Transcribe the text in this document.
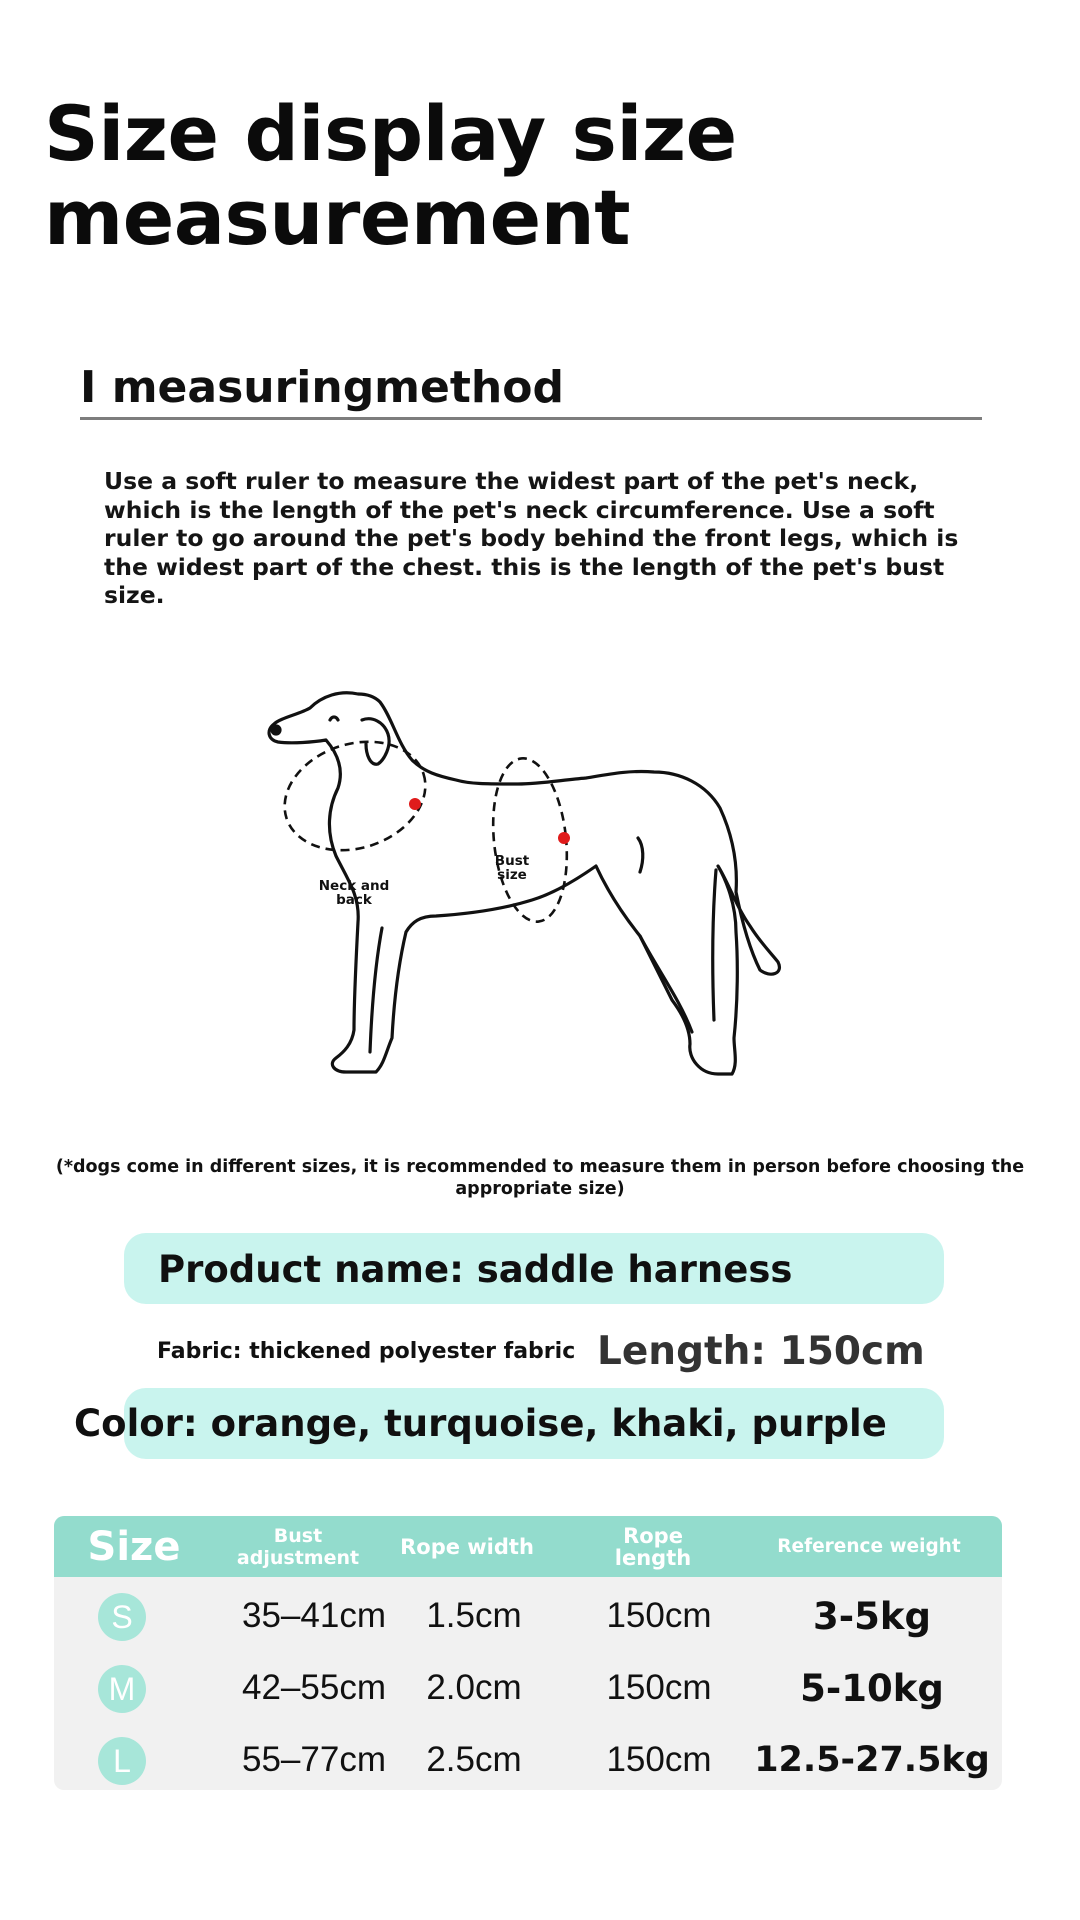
Size display size measurement
I measuringmethod

Use a soft ruler to measure the widest part of the pet's neck, which is the length of the pet's neck circumference. Use a soft ruler to go around the pet's body behind the front legs, which is the widest part of the chest. this is the length of the pet's bust size.

Neck and back
Bust size

(*dogs come in different sizes, it is recommended to measure them in person before choosing the appropriate size)

Product name: saddle harness
Fabric: thickened polyester fabric Length: 150cm
Color: orange, turquoise, khaki, purple
Size	Bust adjustment	Rope width	Rope length	Reference weight
S	35–41cm	1.5cm	150cm	3-5kg
M	42–55cm	2.0cm	150cm	5-10kg
L	55–77cm	2.5cm	150cm	12.5-27.5kg
